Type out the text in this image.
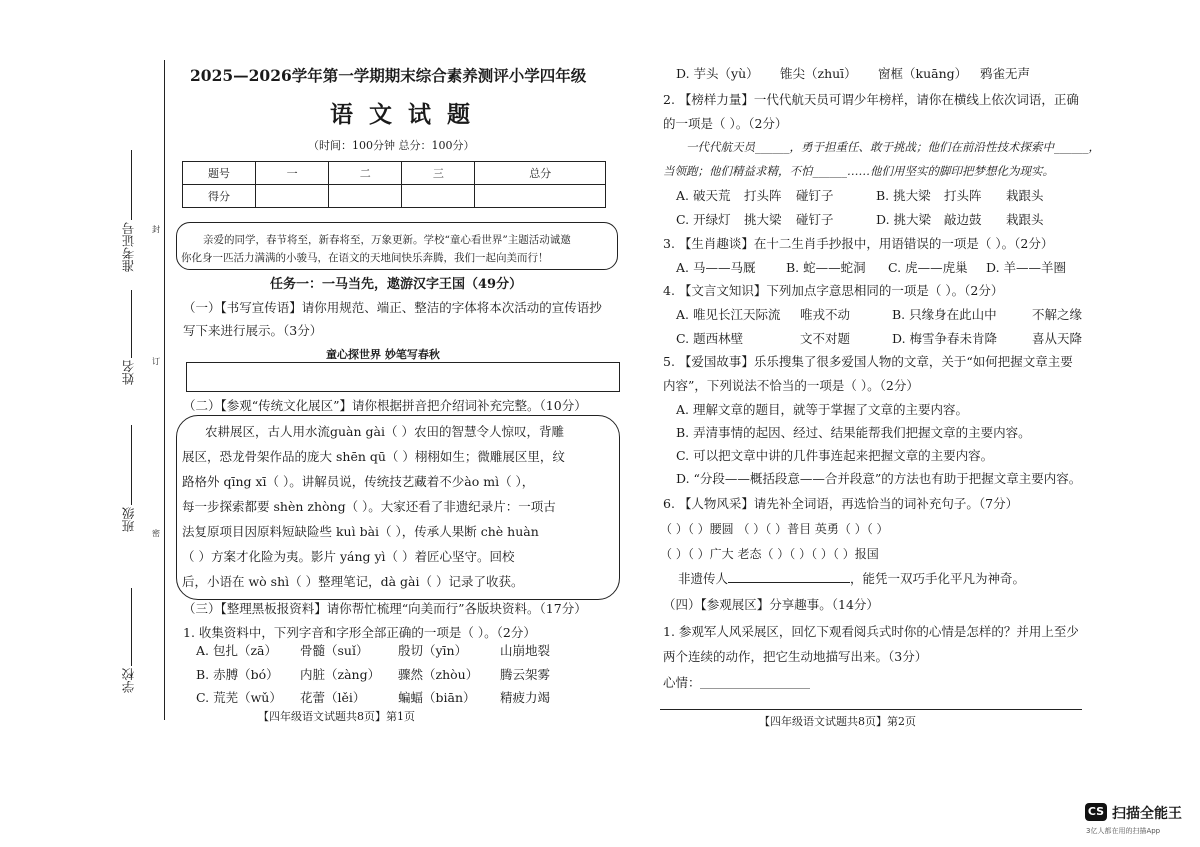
准考证号
姓名
班级
学校
封
订
密
2025—2026学年第一学期期末综合素养测评小学四年级
语 文 试 题
（时间：100分钟 总分：100分）
题号	一	二	三	总分
得分				
亲爱的同学，春节将至，新春将至，万象更新。学校“童心看世界”主题活动诚邀
你化身一匹活力满满的小骏马，在语文的天地间快乐奔腾，我们一起向美而行！
任务一：一马当先，遨游汉字王国（49分）
（一）【书写宣传语】请你用规范、端正、整洁的字体将本次活动的宣传语抄
写下来进行展示。（3分）
童心探世界 妙笔写春秋
（二）【参观“传统文化展区”】请你根据拼音把介绍词补充完整。（10分）
农耕展区，古人用水流guàn gài（ ）农田的智慧令人惊叹，背雕
展区，恐龙骨架作品的庞大 shēn qū（ ）栩栩如生；微雕展区里，纹
路格外 qīng xī（ ）。讲解员说，传统技艺藏着不少ào mì（ ），
每一步探索都要 shèn zhòng（ ）。大家还看了非遗纪录片：一项古
法复原项目因原料短缺险些 kuì bài（ ），传承人果断 chè huàn
（ ）方案才化险为夷。影片 yáng yì（ ）着匠心坚守。回校
后，小语在 wò shì（ ）整理笔记，dà gài（ ）记录了收获。
（三）【整理黑板报资料】请你帮忙梳理“向美而行”各版块资料。（17分）
1. 收集资料中，下列字音和字形全部正确的一项是（ ）。（2分）
A. 包扎（zā） 骨髓（suǐ） 殷切（yīn）	山崩地裂
B. 赤膊（bó） 内脏（zàng） 骤然（zhòu） 腾云架雾
C. 荒芜（wǔ） 花蕾（lěi）	蝙蝠（biān） 精疲力竭
【四年级语文试题共8页】第1页
D. 芋头（yù） 锥尖（zhuī） 窗框（kuāng） 鸦雀无声
2. 【榜样力量】一代代航天员可谓少年榜样，请你在横线上依次词语，正确
的一项是（ ）。（2分）
一代代航天员______，勇于担重任、敢于挑战；他们在前沿性技术探索中______，
当领跑；他们精益求精，不怕______……他们用坚实的脚印把梦想化为现实。
A. 破天荒 打头阵 碰钉子	B. 挑大梁 打头阵 栽跟头
C. 开绿灯 挑大梁 碰钉子	D. 挑大梁 敲边鼓 栽跟头
3. 【生肖趣谈】在十二生肖手抄报中，用语错误的一项是（ ）。（2分）
A. 马——马厩 B. 蛇——蛇洞 C. 虎——虎巢 D. 羊——羊圈
4. 【文言文知识】下列加点字意思相同的一项是（ ）。（2分）
A. 唯见长江天际流 唯戎不动	B. 只缘身在此山中	不解之缘
C. 题西林壁	文不对题	D. 梅雪争春未肯降	喜从天降
5. 【爱国故事】乐乐搜集了很多爱国人物的文章，关于“如何把握文章主要
内容”，下列说法不恰当的一项是（ ）。（2分）
A. 理解文章的题目，就等于掌握了文章的主要内容。
B. 弄清事情的起因、经过、结果能帮我们把握文章的主要内容。
C. 可以把文章中讲的几件事连起来把握文章的主要内容。
D. “分段——概括段意——合并段意”的方法也有助于把握文章主要内容。
6. 【人物风采】请先补全词语，再选恰当的词补充句子。（7分）
（ ）（ ）腰圆 （ ）（ ）普目 英勇（ ）（ ）
（ ）（ ）广大 老态（ ）（ ）（ ）（ ）报国
非遗传人	，能凭一双巧手化平凡为神奇。
（四）【参观展区】分享趣事。（14分）
1. 参观军人风采展区，回忆下观看阅兵式时你的心情是怎样的？并用上至少
两个连续的动作，把它生动地描写出来。（3分）
心情：
【四年级语文试题共8页】第2页
CS 扫描全能王
3亿人都在用的扫描App
